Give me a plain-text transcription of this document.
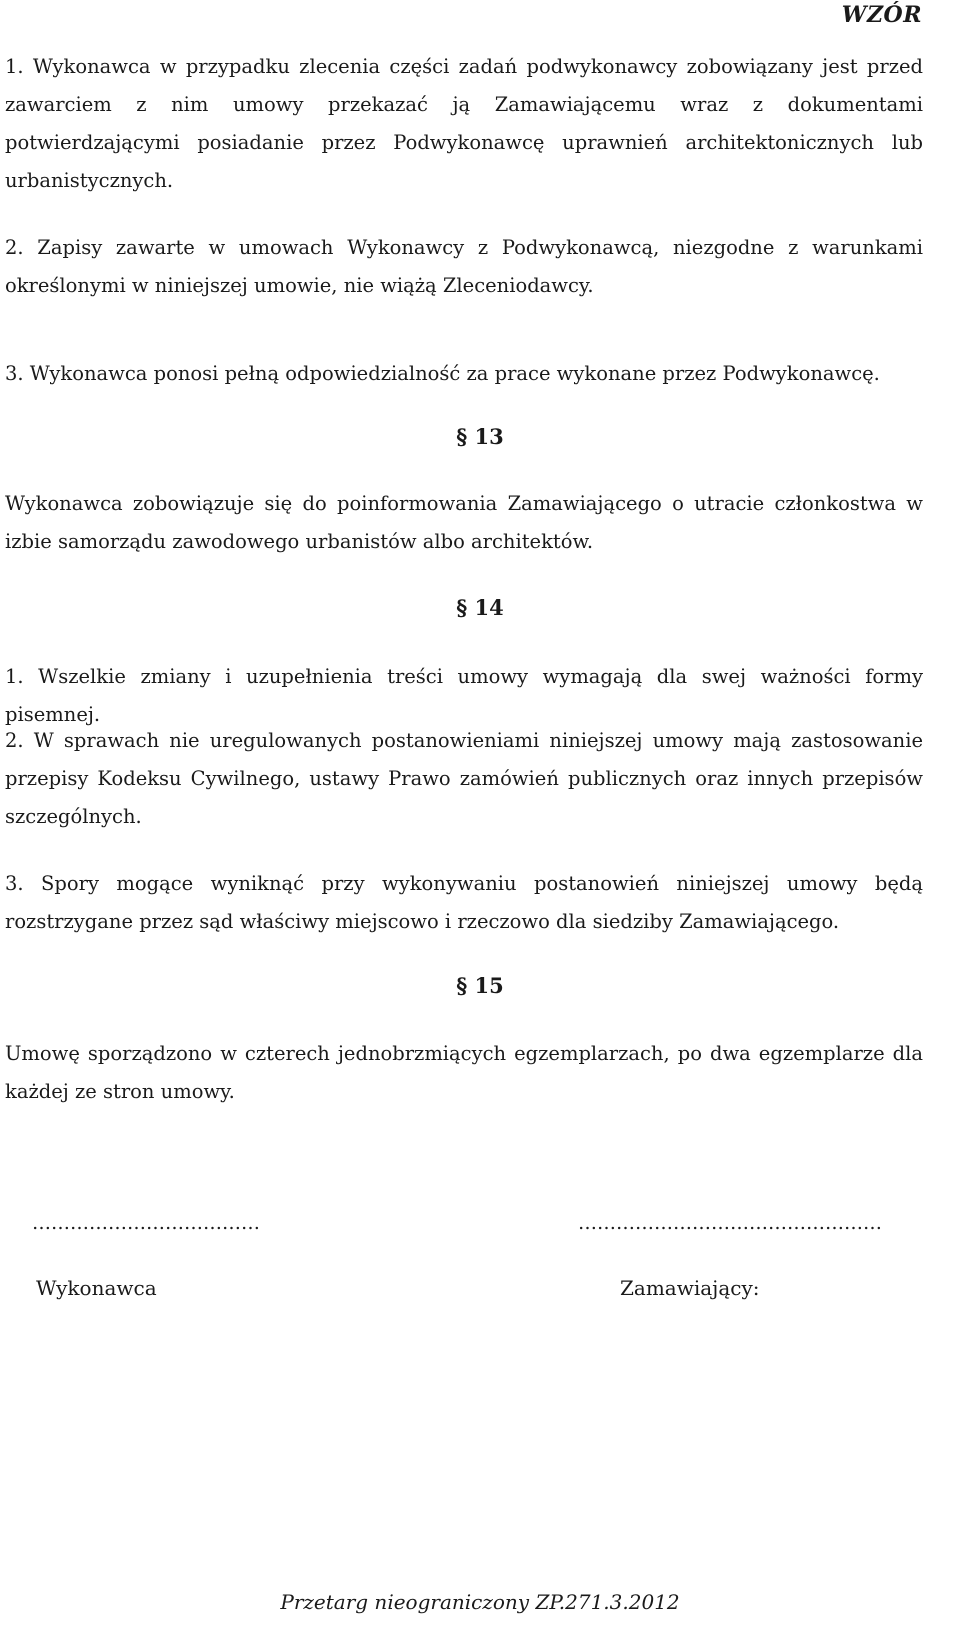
WZÓR

1. Wykonawca w przypadku zlecenia części zadań podwykonawcy zobowiązany jest przed zawarciem z nim umowy przekazać ją Zamawiającemu wraz z dokumentami potwierdzającymi posiadanie przez Podwykonawcę uprawnień architektonicznych lub urbanistycznych.

2. Zapisy zawarte w umowach Wykonawcy z Podwykonawcą, niezgodne z warunkami określonymi w niniejszej umowie, nie wiążą Zleceniodawcy.

3. Wykonawca ponosi pełną odpowiedzialność za prace wykonane przez Podwykonawcę.

§ 13

Wykonawca zobowiązuje się do poinformowania Zamawiającego o utracie członkostwa w izbie samorządu zawodowego urbanistów albo architektów.

§ 14

1. Wszelkie zmiany i uzupełnienia treści umowy wymagają dla swej ważności formy pisemnej.

2. W sprawach nie uregulowanych postanowieniami niniejszej umowy mają zastosowanie przepisy Kodeksu Cywilnego, ustawy Prawo zamówień publicznych oraz innych przepisów szczególnych.

3. Spory mogące wyniknąć przy wykonywaniu postanowień niniejszej umowy będą rozstrzygane przez sąd właściwy miejscowo i rzeczowo dla siedziby Zamawiającego.

§ 15

Umowę sporządzono w czterech jednobrzmiących egzemplarzach, po dwa egzemplarze dla każdej ze stron umowy.

………………………………	…………………………………………
Wykonawca	Zamawiający:
Przetarg nieograniczony ZP.271.3.2012
